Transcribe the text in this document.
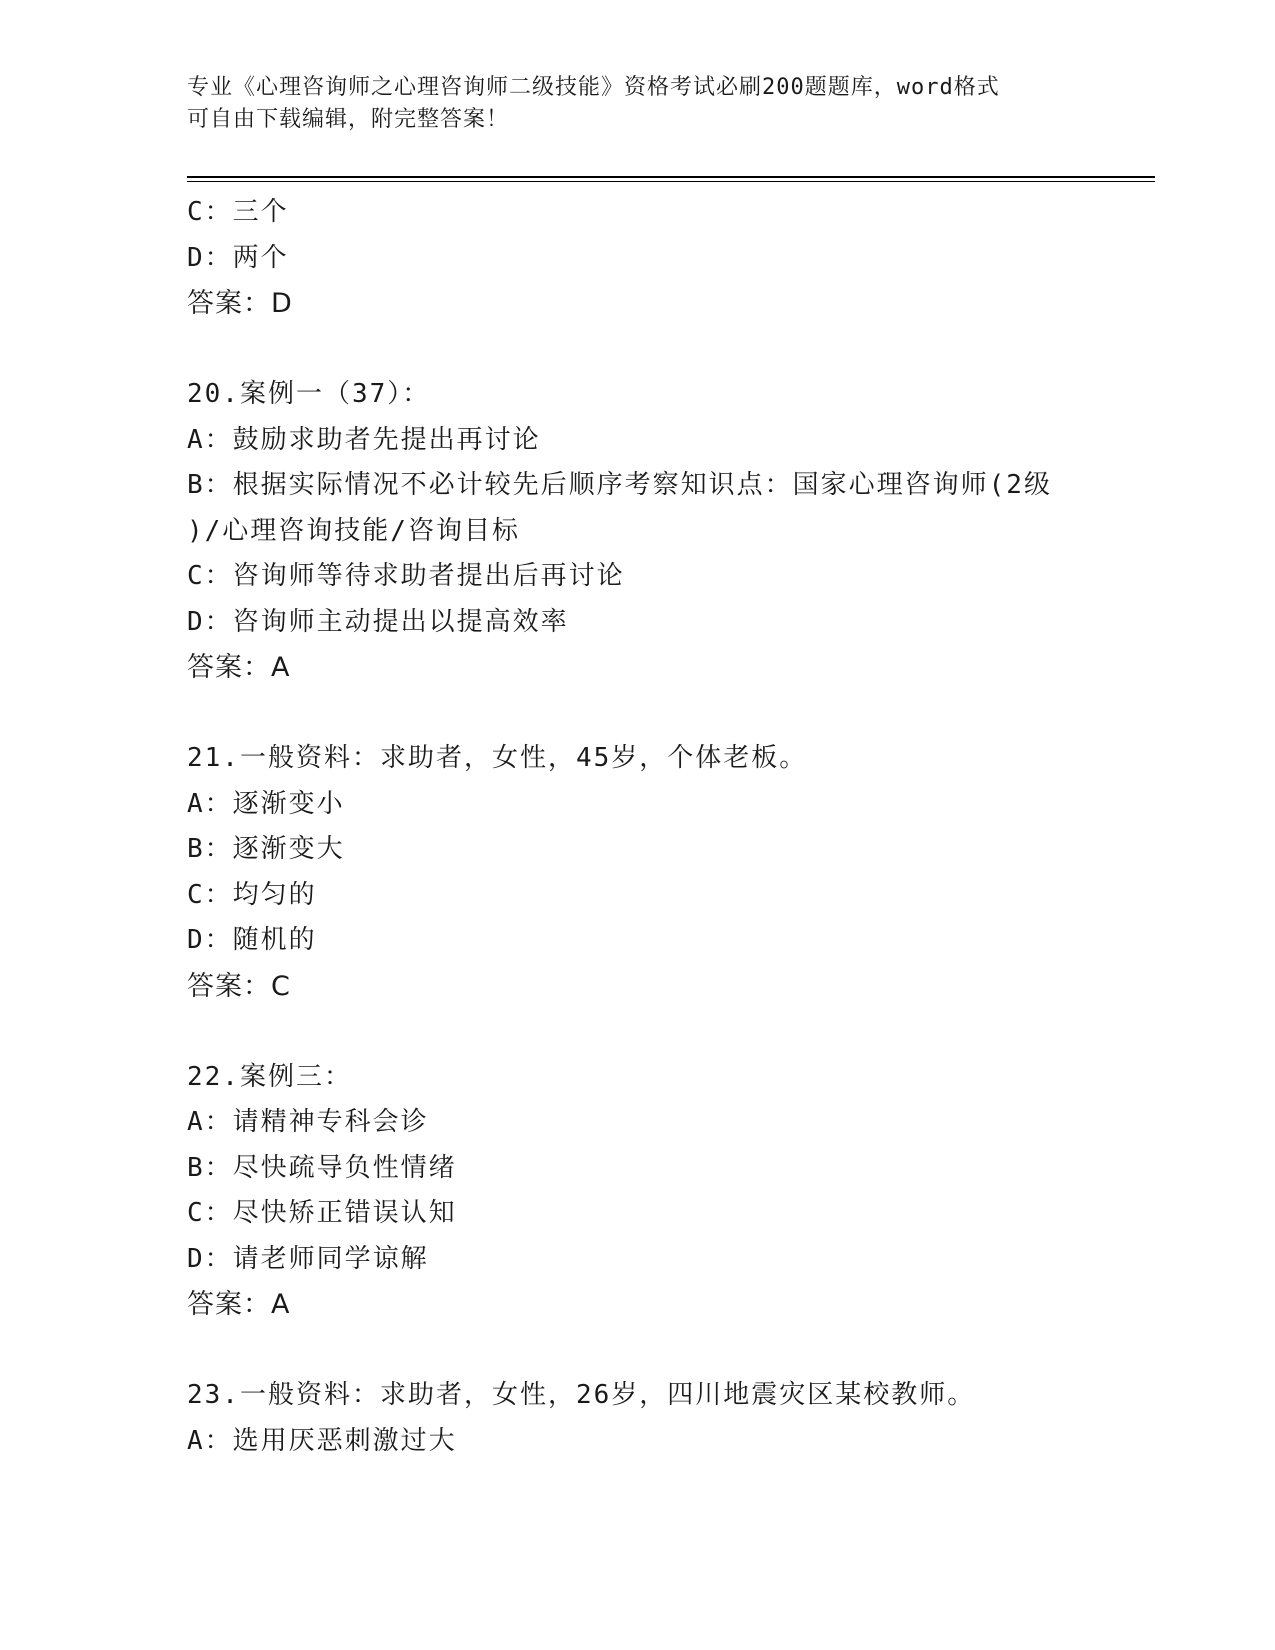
专业《心理咨询师之心理咨询师二级技能》资格考试必刷200题题库，word格式
可自由下载编辑，附完整答案！
C：三个
D：两个
答案：D
20.案例一（37）：
A：鼓励求助者先提出再讨论
B：根据实际情况不必计较先后顺序考察知识点：国家心理咨询师(2级
)/心理咨询技能/咨询目标
C：咨询师等待求助者提出后再讨论
D：咨询师主动提出以提高效率
答案：A
21.一般资料：求助者，女性，45岁，个体老板。
A：逐渐变小
B：逐渐变大
C：均匀的
D：随机的
答案：C
22.案例三：
A：请精神专科会诊
B：尽快疏导负性情绪
C：尽快矫正错误认知
D：请老师同学谅解
答案：A
23.一般资料：求助者，女性，26岁，四川地震灾区某校教师。
A：选用厌恶刺激过大
